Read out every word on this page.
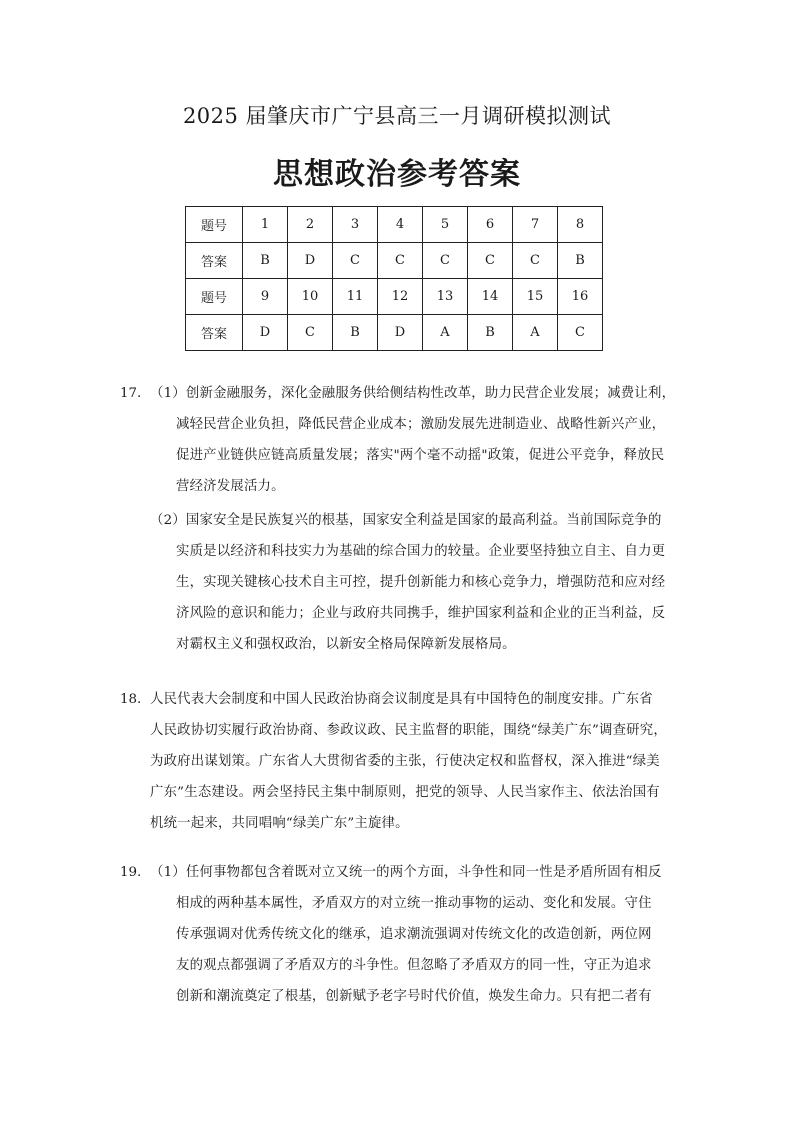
2025 届肇庆市广宁县高三一月调研模拟测试
思想政治参考答案
题号	1	2	3	4	5	6	7	8
答案	B	D	C	C	C	C	C	B
题号	9	10	11	12	13	14	15	16
答案	D	C	B	D	A	B	A	C
17. （1）创新金融服务，深化金融服务供给侧结构性改革，助力民营企业发展；减费让利，
减轻民营企业负担，降低民营企业成本；激励发展先进制造业、战略性新兴产业，
促进产业链供应链高质量发展；落实"两个毫不动摇"政策，促进公平竞争，释放民
营经济发展活力。
（2）国家安全是民族复兴的根基，国家安全利益是国家的最高利益。当前国际竞争的
实质是以经济和科技实力为基础的综合国力的较量。企业要坚持独立自主、自力更
生，实现关键核心技术自主可控，提升创新能力和核心竞争力，增强防范和应对经
济风险的意识和能力；企业与政府共同携手，维护国家利益和企业的正当利益，反
对霸权主义和强权政治，以新安全格局保障新发展格局。
18. 人民代表大会制度和中国人民政治协商会议制度是具有中国特色的制度安排。广东省
人民政协切实履行政治协商、参政议政、民主监督的职能，围绕“绿美广东”调查研究，
为政府出谋划策。广东省人大贯彻省委的主张，行使决定权和监督权，深入推进“绿美
广东”生态建设。两会坚持民主集中制原则，把党的领导、人民当家作主、依法治国有
机统一起来，共同唱响“绿美广东”主旋律。
19. （1）任何事物都包含着既对立又统一的两个方面，斗争性和同一性是矛盾所固有相反
相成的两种基本属性，矛盾双方的对立统一推动事物的运动、变化和发展。守住
传承强调对优秀传统文化的继承，追求潮流强调对传统文化的改造创新，两位网
友的观点都强调了矛盾双方的斗争性。但忽略了矛盾双方的同一性，守正为追求
创新和潮流奠定了根基，创新赋予老字号时代价值，焕发生命力。只有把二者有
